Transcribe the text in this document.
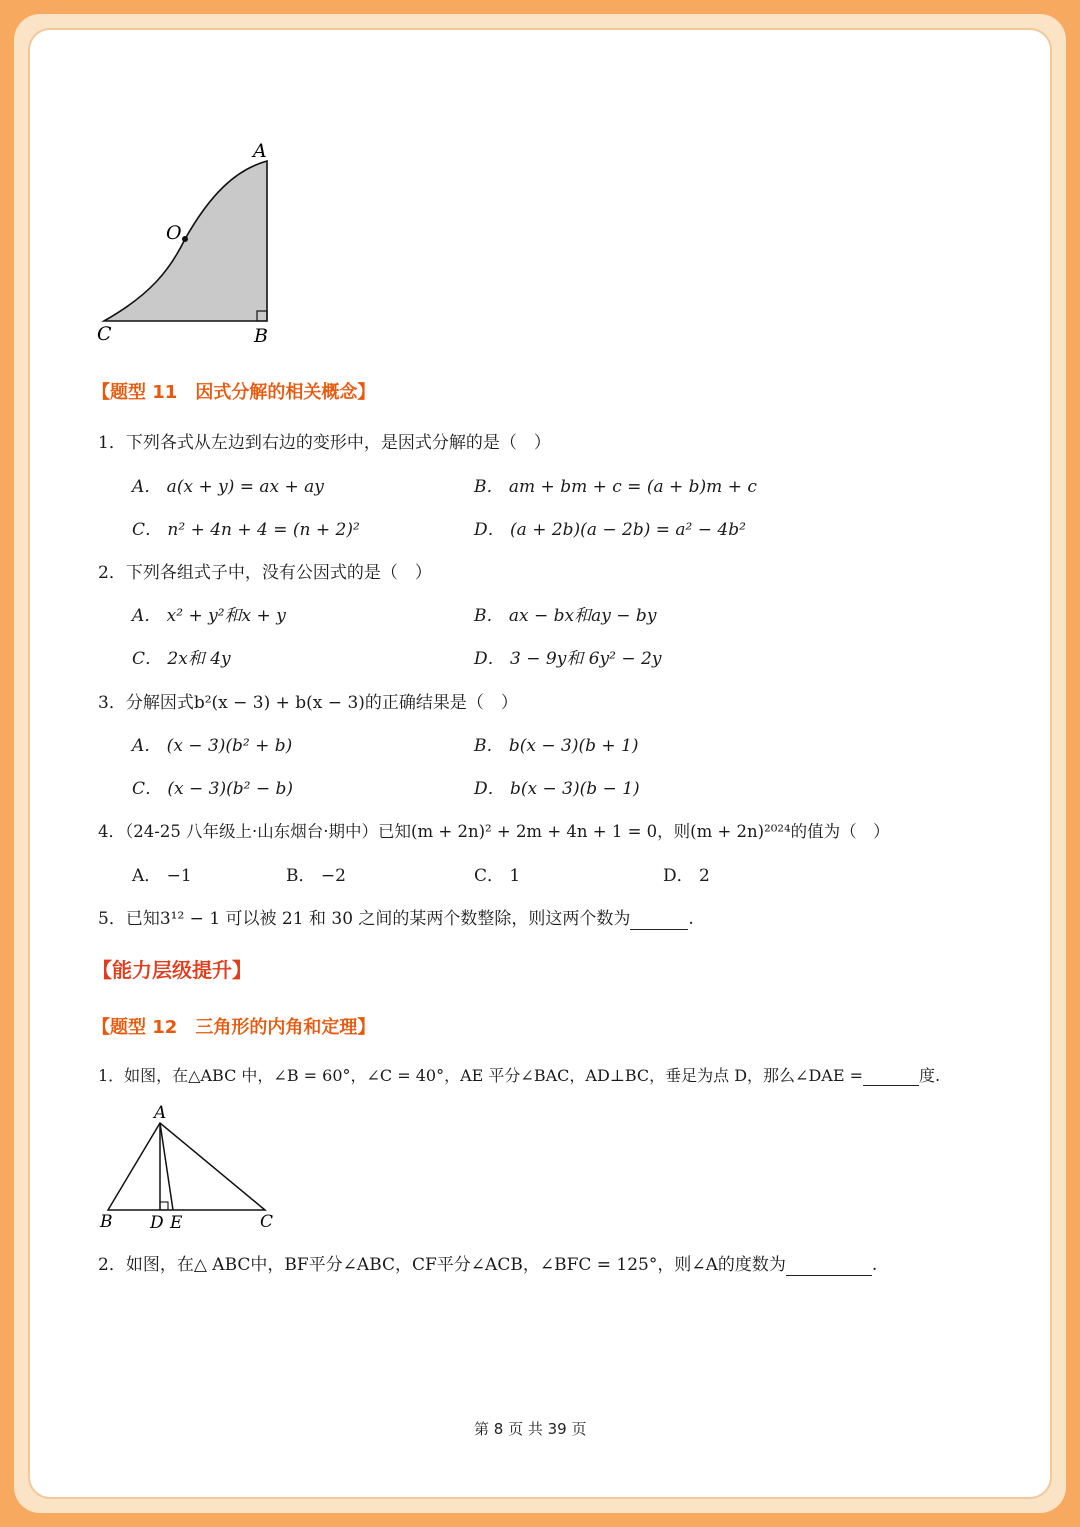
A
O
C	B
【题型 11　因式分解的相关概念】
1．下列各式从左边到右边的变形中，是因式分解的是（　）
A． a(x + y) = ax + ay	B． am + bm + c = (a + b)m + c
C． n² + 4n + 4 = (n + 2)²	D． (a + 2b)(a − 2b) = a² − 4b²
2．下列各组式子中，没有公因式的是（　）
A． x² + y²和x + y	B． ax − bx和ay − by
C． 2x和 4y	D． 3 − 9y和 6y² − 2y
3．分解因式b²(x − 3) + b(x − 3)的正确结果是（　）
A． (x − 3)(b² + b)	B． b(x − 3)(b + 1)
C． (x − 3)(b² − b)	D． b(x − 3)(b − 1)
4．（24-25 八年级上·山东烟台·期中）已知(m + 2n)² + 2m + 4n + 1 = 0，则(m + 2n)²⁰²⁴的值为（　）
A． −1	B． −2	C． 1	D． 2
5．已知3¹² − 1 可以被 21 和 30 之间的某两个数整除，则这两个数为	.
【能力层级提升】
【题型 12　三角形的内角和定理】
1．如图，在△ABC 中，∠B = 60°，∠C = 40°，AE 平分∠BAC，AD⊥BC，垂足为点 D，那么∠DAE =	度.
A
B D E	C
2．如图，在△ ABC中，BF平分∠ABC，CF平分∠ACB，∠BFC = 125°，则∠A的度数为	.
第 8 页 共 39 页
